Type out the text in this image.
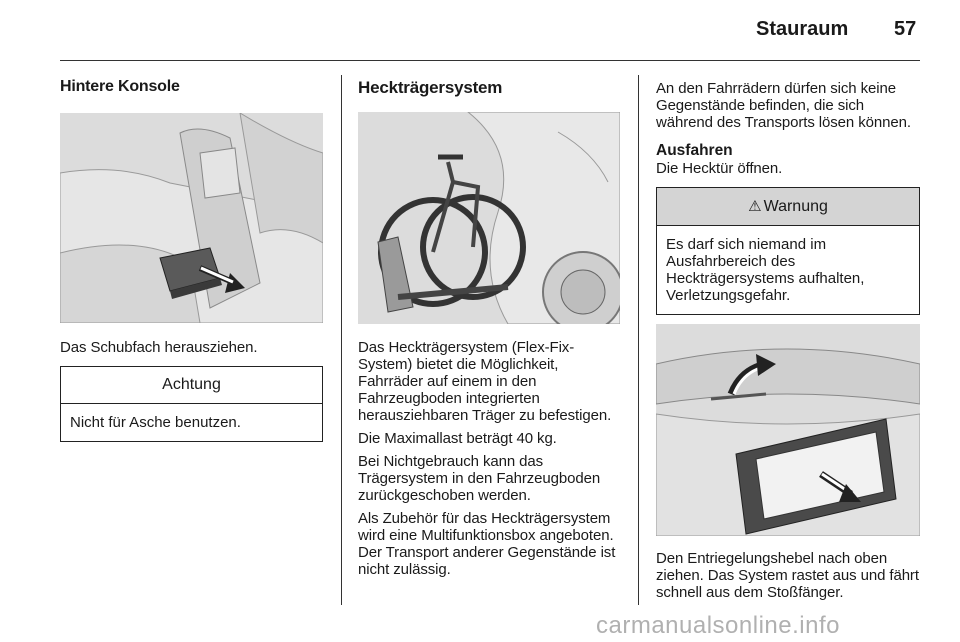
Stauraum 57
Hintere Konsole

Das Schubfach herausziehen.

Achtung
Nicht für Asche benutzen.
Heckträgersystem

Das Heckträgersystem (Flex-Fix-System) bietet die Möglichkeit, Fahrräder auf einem in den Fahrzeugboden integrierten herausziehbaren Träger zu befestigen.

Die Maximallast beträgt 40 kg.

Bei Nichtgebrauch kann das Trägersystem in den Fahrzeugboden zurückgeschoben werden.

Als Zubehör für das Heckträgersystem wird eine Multifunktionsbox angeboten. Der Transport anderer Gegenstände ist nicht zulässig.

An den Fahrrädern dürfen sich keine Gegenstände befinden, die sich während des Transports lösen können.

Ausfahren

Die Hecktür öffnen.

⚠ Warnung
Es darf sich niemand im Ausfahrbereich des Heckträgersystems aufhalten, Verletzungsgefahr.

Den Entriegelungshebel nach oben ziehen. Das System rastet aus und fährt schnell aus dem Stoßfänger.

carmanualsonline.info
